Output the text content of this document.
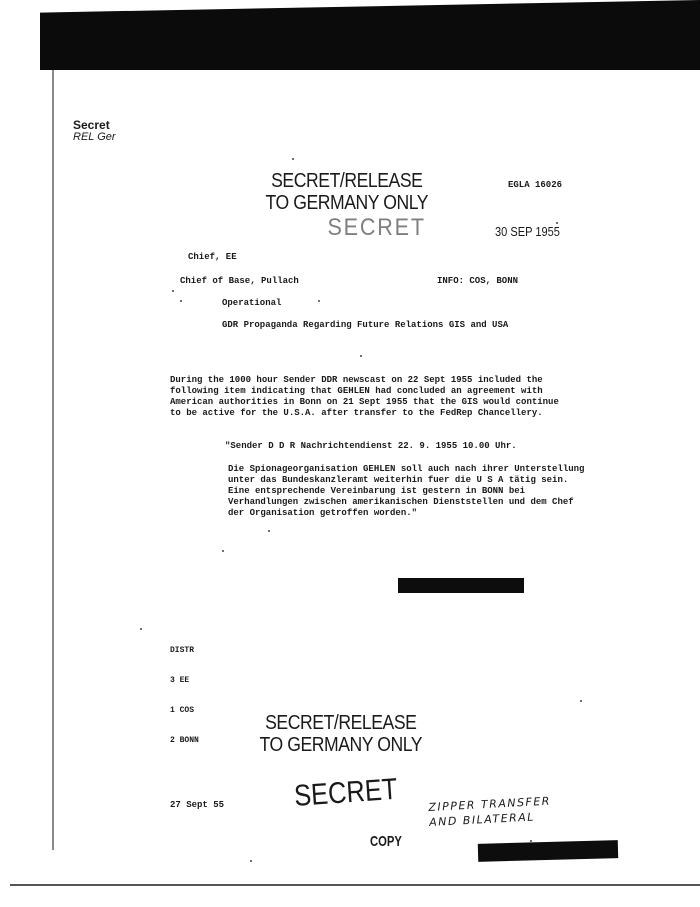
Secret
REL Ger
SECRET/RELEASE
TO GERMANY ONLY
SECRET
EGLA 16026
30 SEP 1955
Chief, EE
Chief of Base, Pullach	INFO: COS, BONN
Operational
GDR Propaganda Regarding Future Relations GIS and USA
During the 1000 hour Sender DDR newscast on 22 Sept 1955 included the following item indicating that GEHLEN had concluded an agreement with American authorities in Bonn on 21 Sept 1955 that the GIS would continue to be active for the U.S.A. after transfer to the FedRep Chancellery.
"Sender D D R Nachrichtendienst 22. 9. 1955 10.00 Uhr.
Die Spionageorganisation GEHLEN soll auch nach ihrer Unterstellung unter das Bundeskanzleramt weiterhin fuer die U S A tätig sein. Eine entsprechende Vereinbarung ist gestern in BONN bei Verhandlungen zwischen amerikanischen Dienststellen und dem Chef der Organisation getroffen worden."

DISTR

3 EE

1 COS

2 BONN

SECRET/RELEASE
TO GERMANY ONLY
SECRET
27 Sept 55
COPY
ZIPPER TRANSFER
AND BILATERAL
